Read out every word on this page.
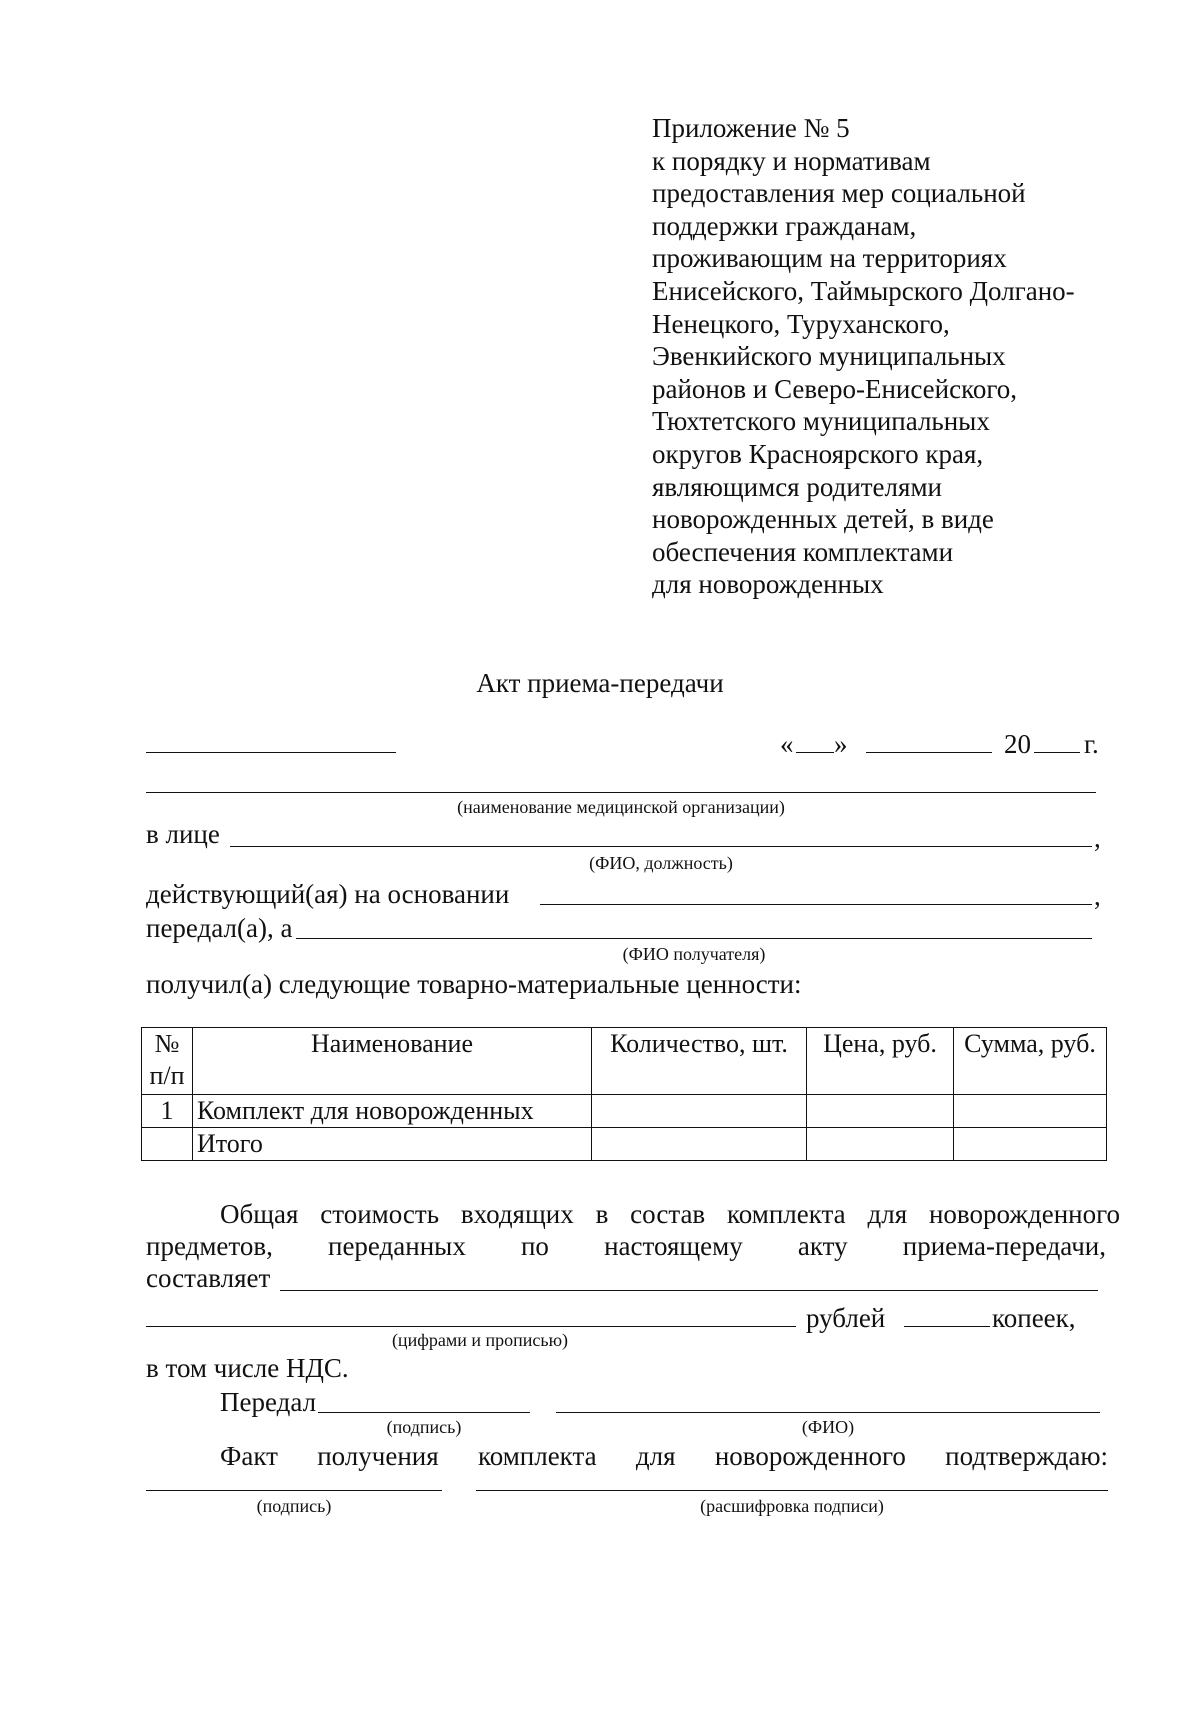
Приложение № 5
к порядку и нормативам
предоставления мер социальной
поддержки гражданам,
проживающим на территориях
Енисейского, Таймырского Долгано-
Ненецкого, Туруханского,
Эвенкийского муниципальных
районов и Северо-Енисейского,
Тюхтетского муниципальных
округов Красноярского края,
являющимся родителями
новорожденных детей, в виде
обеспечения комплектами
для новорожденных
Акт приема-передачи
« »	20 г.
(наименование медицинской организации)
в лице	,
(ФИО, должность)
действующий(ая) на основании	,
передал(а), а
(ФИО получателя)
получил(а) следующие товарно-материальные ценности:
№ п/п	Наименование	Количество, шт.	Цена, руб.	Сумма, руб.
1	Комплект для новорожденных			
	Итого			
Общая стоимость входящих в состав комплекта для новорожденного
предметов, переданных по настоящему акту приема-передачи,
составляет
рублей	копеек,
(цифрами и прописью)
в том числе НДС.
Передал
(подпись)	(ФИО)
Факт получения комплекта для новорожденного подтверждаю:
(подпись)	(расшифровка подписи)
